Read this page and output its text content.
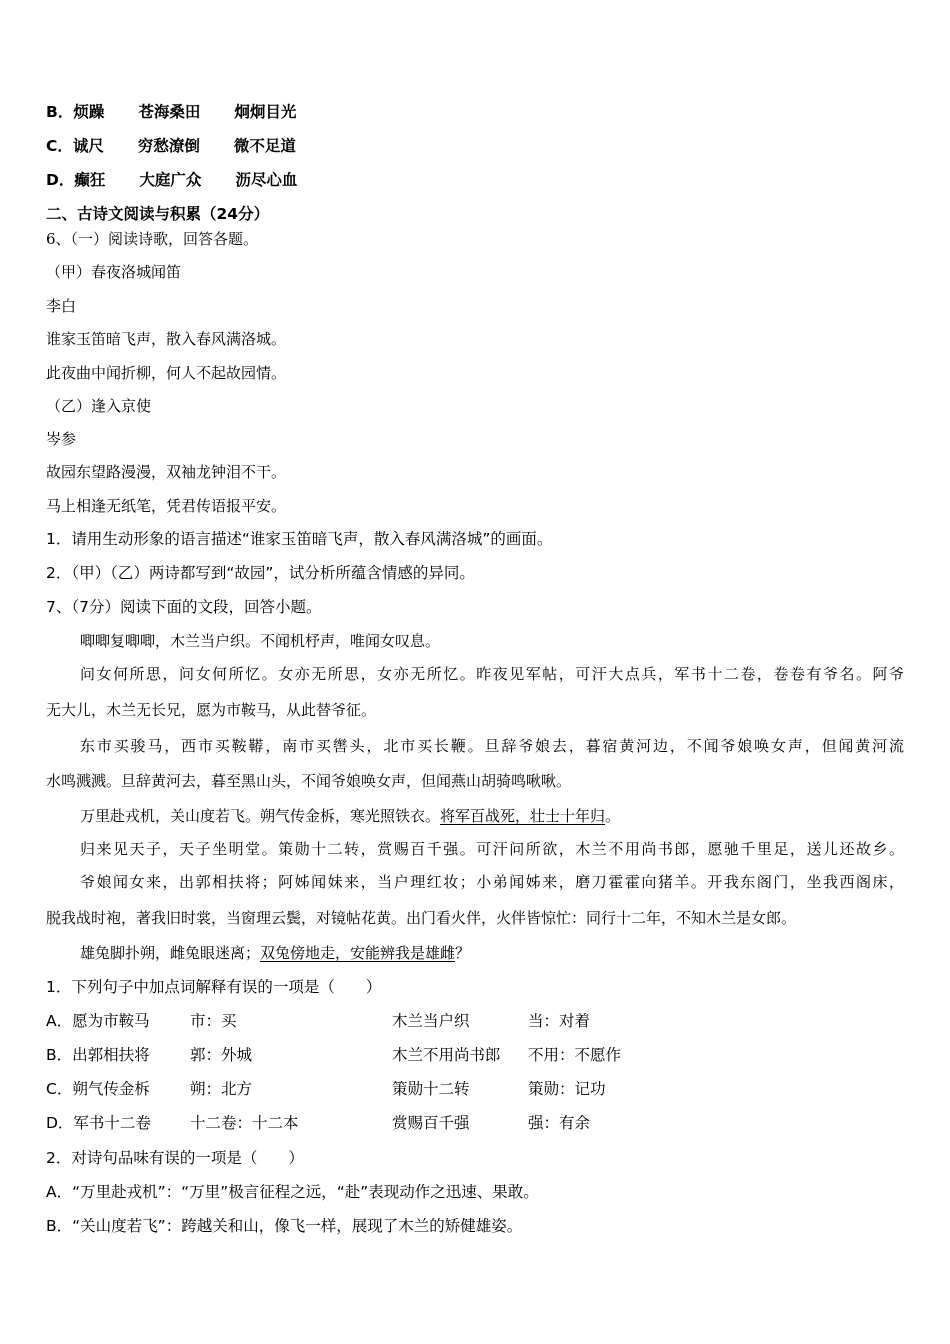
B．烦躁 苍海桑田 炯炯目光
C．诚尺 穷愁潦倒 微不足道
D．癫狂 大庭广众 沥尽心血
二、古诗文阅读与积累（24分）
6、（一）阅读诗歌，回答各题。
（甲）春夜洛城闻笛
李白
谁家玉笛暗飞声，散入春风满洛城。
此夜曲中闻折柳，何人不起故园情。
（乙）逢入京使
岑参
故园东望路漫漫，双袖龙钟泪不干。
马上相逢无纸笔，凭君传语报平安。
1．请用生动形象的语言描述“谁家玉笛暗飞声，散入春风满洛城”的画面。
2．（甲）（乙）两诗都写到“故园”，试分析所蕴含情感的异同。
7、（7分）阅读下面的文段，回答小题。
唧唧复唧唧，木兰当户织。不闻机杼声，唯闻女叹息。
问女何所思，问女何所忆。女亦无所思，女亦无所忆。昨夜见军帖，可汗大点兵，军书十二卷，卷卷有爷名。阿爷
无大儿，木兰无长兄，愿为市鞍马，从此替爷征。
东市买骏马，西市买鞍鞯，南市买辔头，北市买长鞭。旦辞爷娘去，暮宿黄河边，不闻爷娘唤女声，但闻黄河流
水鸣溅溅。旦辞黄河去，暮至黑山头，不闻爷娘唤女声，但闻燕山胡骑鸣啾啾。
万里赴戎机，关山度若飞。朔气传金柝，寒光照铁衣。将军百战死，壮士十年归。
归来见天子，天子坐明堂。策勋十二转，赏赐百千强。可汗问所欲，木兰不用尚书郎，愿驰千里足，送儿还故乡。
爷娘闻女来，出郭相扶将；阿姊闻妹来，当户理红妆；小弟闻姊来，磨刀霍霍向猪羊。开我东阁门，坐我西阁床，
脱我战时袍，著我旧时裳，当窗理云鬓，对镜帖花黄。出门看火伴，火伴皆惊忙：同行十二年，不知木兰是女郎。
雄兔脚扑朔，雌兔眼迷离；双兔傍地走，安能辨我是雄雌？
1．下列句子中加点词解释有误的一项是（　　）
A．愿为市鞍马	市：买	木兰当户织	当：对着
B．出郭相扶将	郭：外城	木兰不用尚书郎 不用：不愿作
C．朔气传金柝	朔：北方	策勋十二转	策勋：记功
D．军书十二卷	十二卷：十二本	赏赐百千强	强：有余
2．对诗句品味有误的一项是（　　）
A．“万里赴戎机”：“万里”极言征程之远，“赴”表现动作之迅速、果敢。
B．“关山度若飞”：跨越关和山，像飞一样，展现了木兰的矫健雄姿。
